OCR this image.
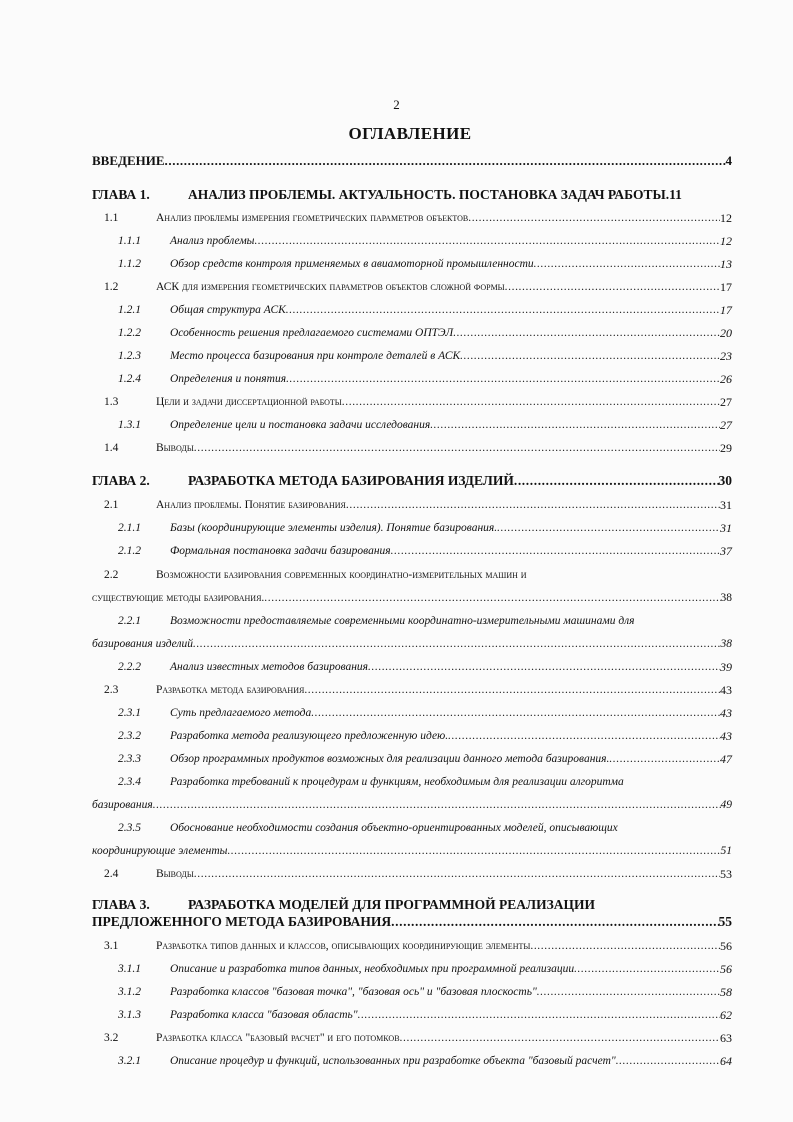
2
ОГЛАВЛЕНИЕ
ВВЕДЕНИЕ .....	4
ГЛАВА 1.	АНАЛИЗ ПРОБЛЕМЫ. АКТУАЛЬНОСТЬ. ПОСТАНОВКА ЗАДАЧ РАБОТЫ. 11
1.1	Анализ проблемы измерения геометрических параметров объектов .....	12
1.1.1	Анализ проблемы .....	12
1.1.2	Обзор средств контроля применяемых в авиамоторной промышленности .....	13
1.2	АСК для измерения геометрических параметров объектов сложной формы .....	17
1.2.1	Общая структура АСК .....	17
1.2.2	Особенность решения предлагаемого системами ОПТЭЛ .....	20
1.2.3	Место процесса базирования при контроле деталей в АСК .....	23
1.2.4	Определения и понятия .....	26
1.3	Цели и задачи диссертационной работы .....	27
1.3.1	Определение цели и постановка задачи исследования .....	27
1.4	Выводы .....	29
ГЛАВА 2.	РАЗРАБОТКА МЕТОДА БАЗИРОВАНИЯ ИЗДЕЛИЙ .....	30
2.1	Анализ проблемы. Понятие базирования .....	31
2.1.1	Базы (координирующие элементы изделия). Понятие базирования. .....	31
2.1.2	Формальная постановка задачи базирования .....	37
2.2	Возможности базирования современных координатно-измерительных машин и
существующие методы базирования. .....	38
2.2.1	Возможности предоставляемые современными координатно-измерительными машинами для
базирования изделий .....	38
2.2.2	Анализ известных методов базирования .....	39
2.3	Разработка метода базирования .....	43
2.3.1	Суть предлагаемого метода .....	43
2.3.2	Разработка метода реализующего предложенную идею. .....	43
2.3.3	Обзор программных продуктов возможных для реализации данного метода базирования. .....	47
2.3.4	Разработка требований к процедурам и функциям, необходимым для реализации алгоритма
базирования .....	49
2.3.5	Обоснование необходимости создания объектно-ориентированных моделей, описывающих
координирующие элементы .....	51
2.4	Выводы .....	53
ГЛАВА 3.	РАЗРАБОТКА МОДЕЛЕЙ ДЛЯ ПРОГРАММНОЙ РЕАЛИЗАЦИИ
ПРЕДЛОЖЕННОГО МЕТОДА БАЗИРОВАНИЯ .....	55
3.1	Разработка типов данных и классов, описывающих координирующие элементы .....	56
3.1.1	Описание и разработка типов данных, необходимых при программной реализации .....	56
3.1.2	Разработка классов "базовая точка", "базовая ось" и "базовая плоскость" .....	58
3.1.3	Разработка класса "базовая область" .....	62
3.2	Разработка класса "базовый расчет" и его потомков .....	63
3.2.1	Описание процедур и функций, использованных при разработке объекта "базовый расчет" .....	64
